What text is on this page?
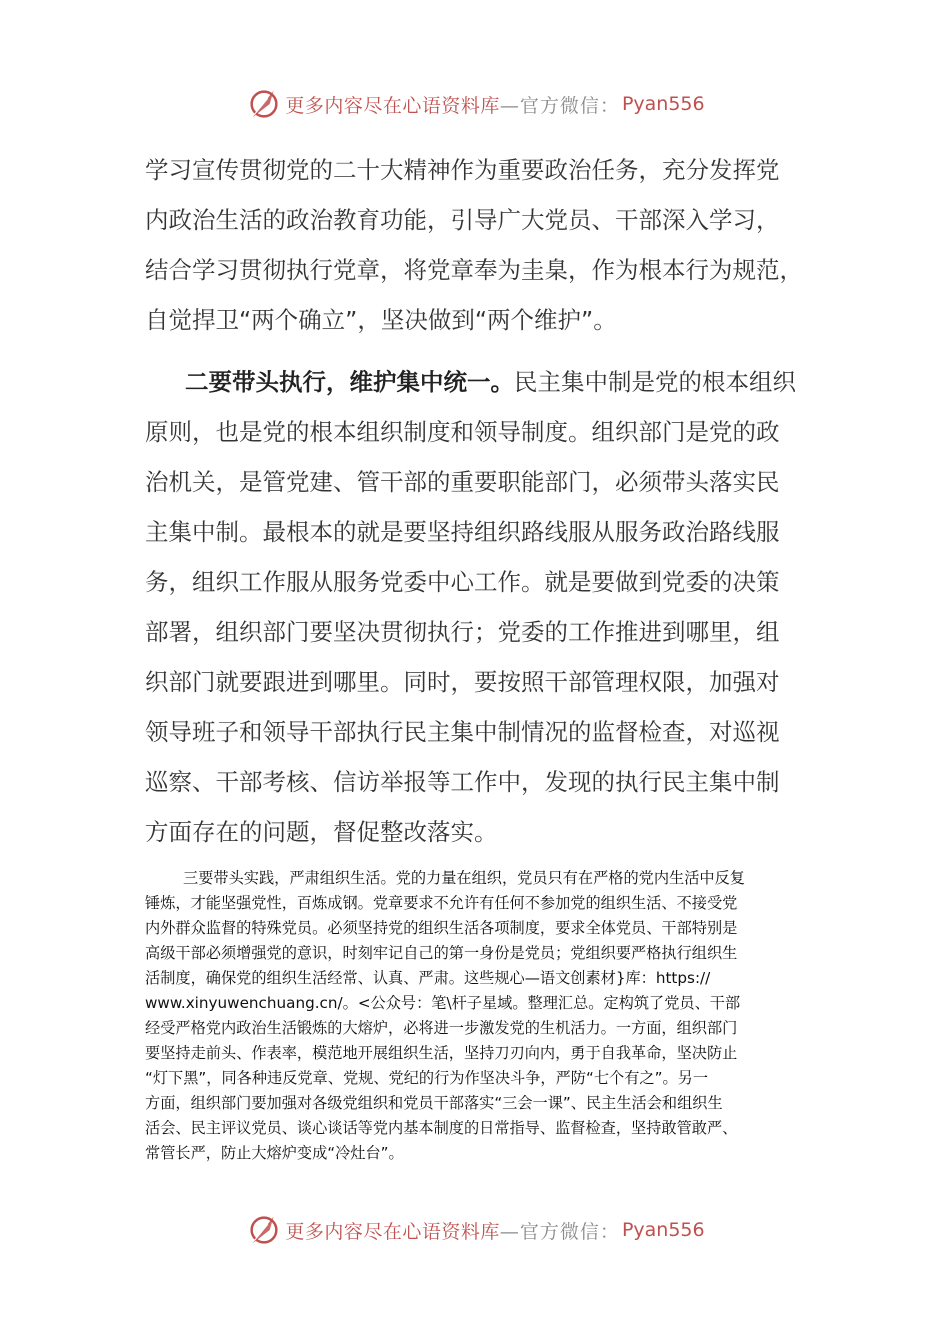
更多内容尽在心语资料库 —官方微信： Pyan556
学习宣传贯彻党的二十大精神作为重要政治任务，充分发挥党
内政治生活的政治教育功能，引导广大党员、干部深入学习，
结合学习贯彻执行党章，将党章奉为圭臬，作为根本行为规范，
自觉捍卫“两个确立”，坚决做到“两个维护”。
二要带头执行，维护集中统一。民主集中制是党的根本组织
原则，也是党的根本组织制度和领导制度。组织部门是党的政
治机关，是管党建、管干部的重要职能部门，必须带头落实民
主集中制。最根本的就是要坚持组织路线服从服务政治路线服
务，组织工作服从服务党委中心工作。就是要做到党委的决策
部署，组织部门要坚决贯彻执行；党委的工作推进到哪里，组
织部门就要跟进到哪里。同时，要按照干部管理权限，加强对
领导班子和领导干部执行民主集中制情况的监督检查，对巡视
巡察、干部考核、信访举报等工作中，发现的执行民主集中制
方面存在的问题，督促整改落实。
三要带头实践，严肃组织生活。党的力量在组织，党员只有在严格的党内生活中反复
锤炼，才能坚强党性，百炼成钢。党章要求不允许有任何不参加党的组织生活、不接受党
内外群众监督的特殊党员。必须坚持党的组织生活各项制度，要求全体党员、干部特别是
高级干部必须增强党的意识，时刻牢记自己的第一身份是党员；党组织要严格执行组织生
活制度，确保党的组织生活经常、认真、严肃。这些规心—语文创素材}库：https://
www.xinyuwenchuang.cn/。<公众号：笔\杆子星域。整理汇总。定构筑了党员、干部
经受严格党内政治生活锻炼的大熔炉，必将进一步激发党的生机活力。一方面，组织部门
要坚持走前头、作表率，模范地开展组织生活，坚持刀刃向内，勇于自我革命，坚决防止
“灯下黑”，同各种违反党章、党规、党纪的行为作坚决斗争，严防“七个有之”。另一
方面，组织部门要加强对各级党组织和党员干部落实“三会一课”、民主生活会和组织生
活会、民主评议党员、谈心谈话等党内基本制度的日常指导、监督检查，坚持敢管敢严、
常管长严，防止大熔炉变成“冷灶台”。
更多内容尽在心语资料库 —官方微信： Pyan556
